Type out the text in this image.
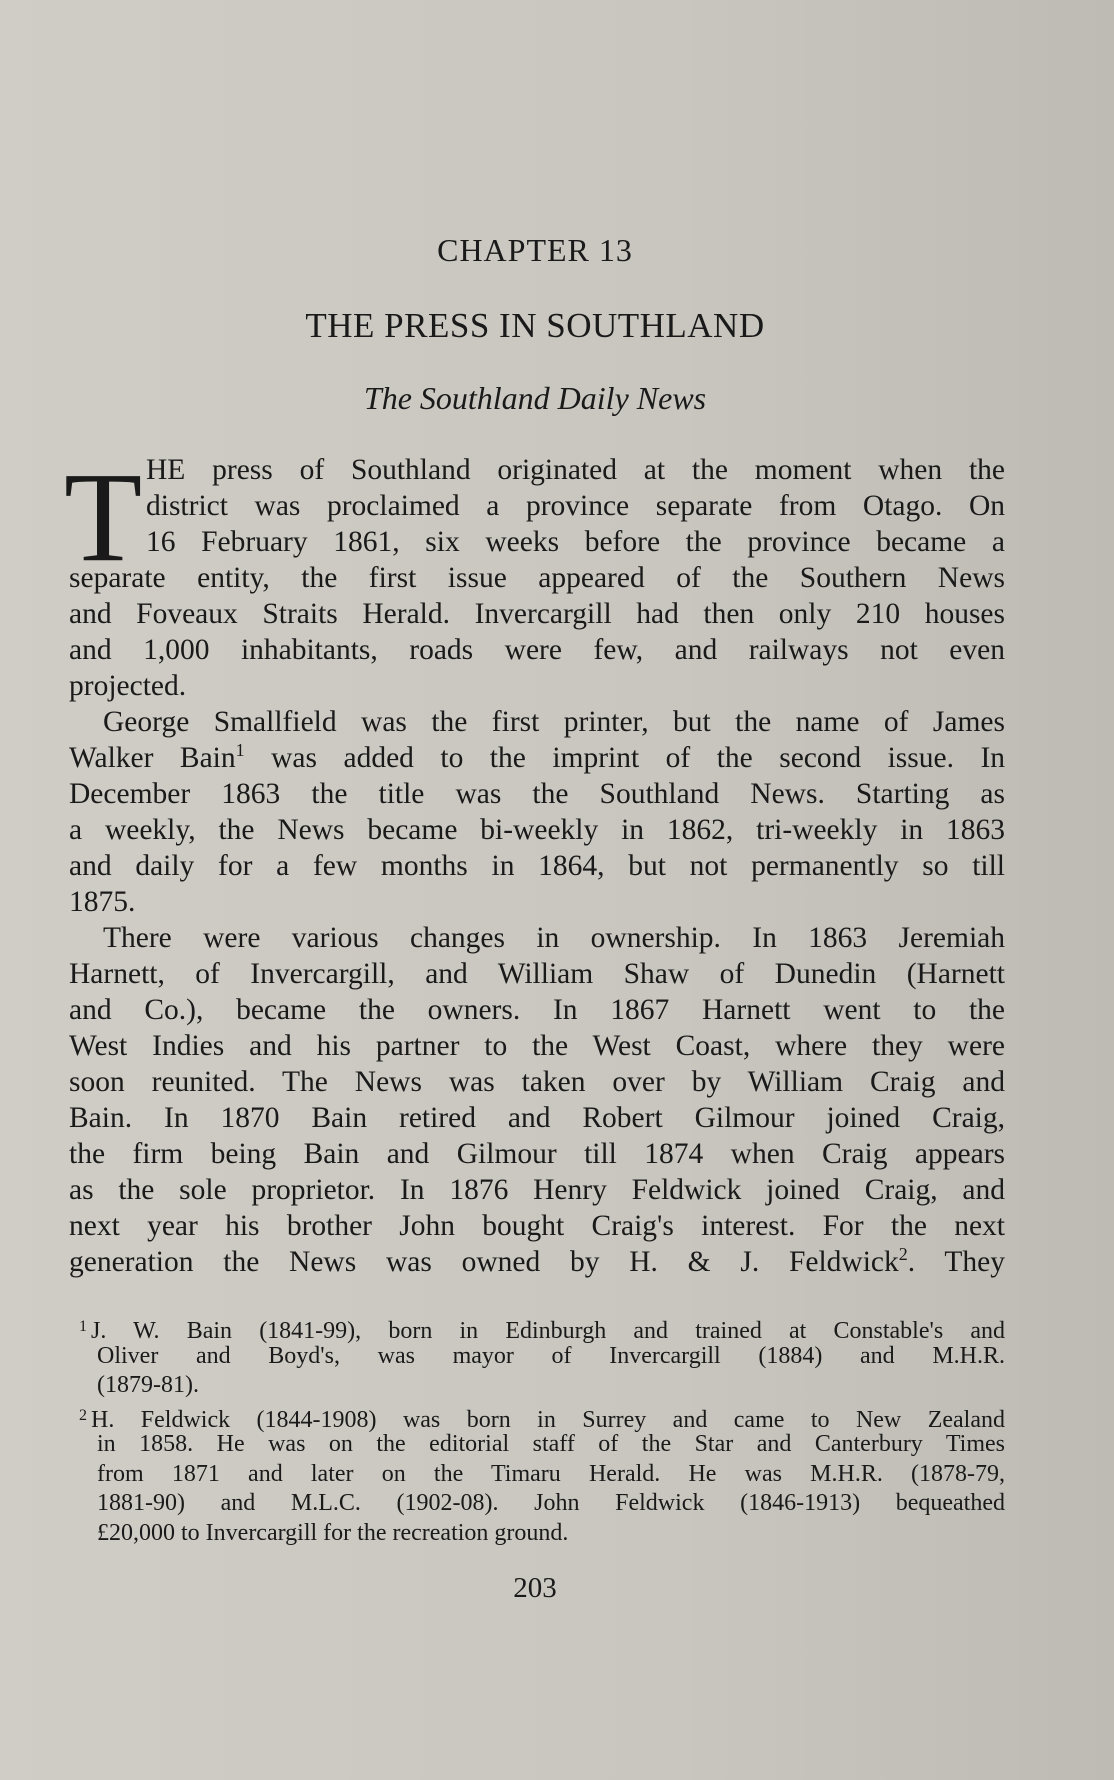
CHAPTER 13
THE PRESS IN SOUTHLAND
The Southland Daily News
T HE press of Southland originated at the moment when the
district was proclaimed a province separate from Otago. On
16 February 1861, six weeks before the province became a
separate entity, the first issue appeared of the Southern News
and Foveaux Straits Herald. Invercargill had then only 210 houses
and 1,000 inhabitants, roads were few, and railways not even
projected.
George Smallfield was the first printer, but the name of James
Walker Bain$^1$ was added to the imprint of the second issue. In
December 1863 the title was the Southland News. Starting as
a weekly, the News became bi-weekly in 1862, tri-weekly in 1863
and daily for a few months in 1864, but not permanently so till
1875.
There were various changes in ownership. In 1863 Jeremiah
Harnett, of Invercargill, and William Shaw of Dunedin (Harnett
and Co.), became the owners. In 1867 Harnett went to the
West Indies and his partner to the West Coast, where they were
soon reunited. The News was taken over by William Craig and
Bain. In 1870 Bain retired and Robert Gilmour joined Craig,
the firm being Bain and Gilmour till 1874 when Craig appears
as the sole proprietor. In 1876 Henry Feldwick joined Craig, and
next year his brother John bought Craig's interest. For the next
generation the News was owned by H. & J. Feldwick$^2$. They
$^1$ J. W. Bain (1841-99), born in Edinburgh and trained at Constable's and
Oliver and Boyd's, was mayor of Invercargill (1884) and M.H.R.
(1879-81).
$^2$ H. Feldwick (1844-1908) was born in Surrey and came to New Zealand
in 1858. He was on the editorial staff of the Star and Canterbury Times
from 1871 and later on the Timaru Herald. He was M.H.R. (1878-79,
1881-90) and M.L.C. (1902-08). John Feldwick (1846-1913) bequeathed
£20,000 to Invercargill for the recreation ground.
203
